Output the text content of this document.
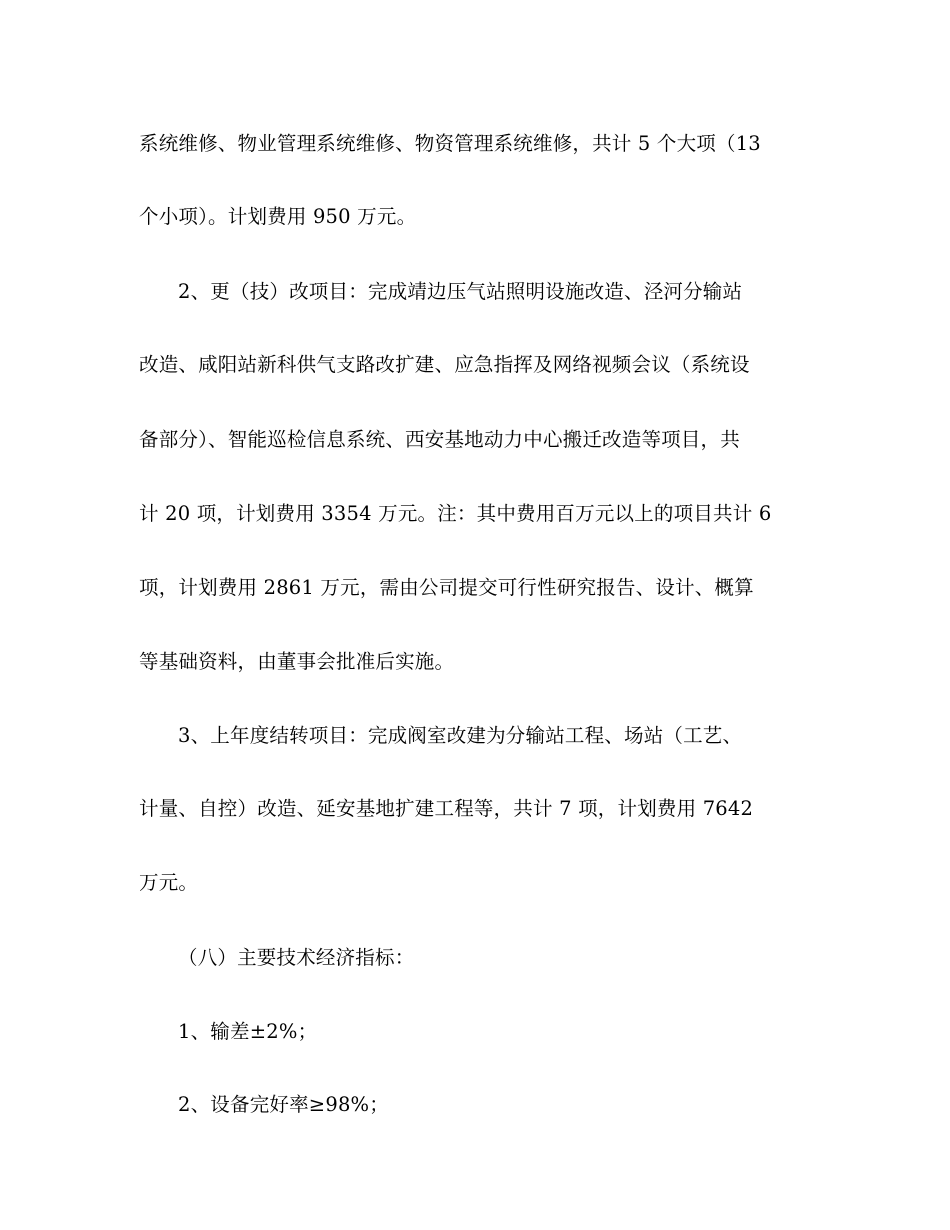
系统维修、物业管理系统维修、物资管理系统维修，共计 5 个大项（13
个小项）。计划费用 950 万元。
2、更（技）改项目：完成靖边压气站照明设施改造、泾河分输站
改造、咸阳站新科供气支路改扩建、应急指挥及网络视频会议（系统设
备部分）、智能巡检信息系统、西安基地动力中心搬迁改造等项目，共
计 20 项，计划费用 3354 万元。注：其中费用百万元以上的项目共计 6
项，计划费用 2861 万元，需由公司提交可行性研究报告、设计、概算
等基础资料，由董事会批准后实施。
3、上年度结转项目：完成阀室改建为分输站工程、场站（工艺、
计量、自控）改造、延安基地扩建工程等，共计 7 项，计划费用 7642
万元。
（八）主要技术经济指标：
1、输差±2%；
2、设备完好率≥98%；
